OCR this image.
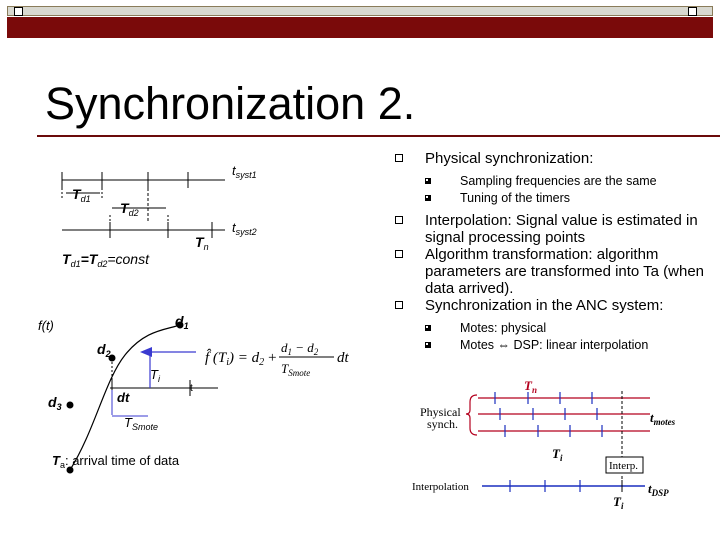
Synchronization 2.
Physical synchronization:
Sampling frequencies are the same
Tuning of the timers
Interpolation: Signal value is estimated in signal processing points
Algorithm transformation: algorithm parameters are transformed into Ta (when data arrived).
Synchronization in the ANC system:
Motes: physical
Motes ⇔ DSP: linear interpolation
$t_{syst1}$
$t_{syst2}$
$T_{d1}$
$T_{d2}$
$T_n$
$T_{d1}=T_{d2}=const$
f(t)	$d_1$
$d_2$
$d_3$
$T_i$
t
dt
$T_{Smote}$
$T_a$: arrival time of data
f̂ $(T_i) = d_2$ +
$d_1 - d_2$
$T_{Smote}$
dt
$T_n$
Physical
synch.	$t_{motes}$
$T_i$
Interp.
Interpolation	$t_{DSP}$
$T_i$
